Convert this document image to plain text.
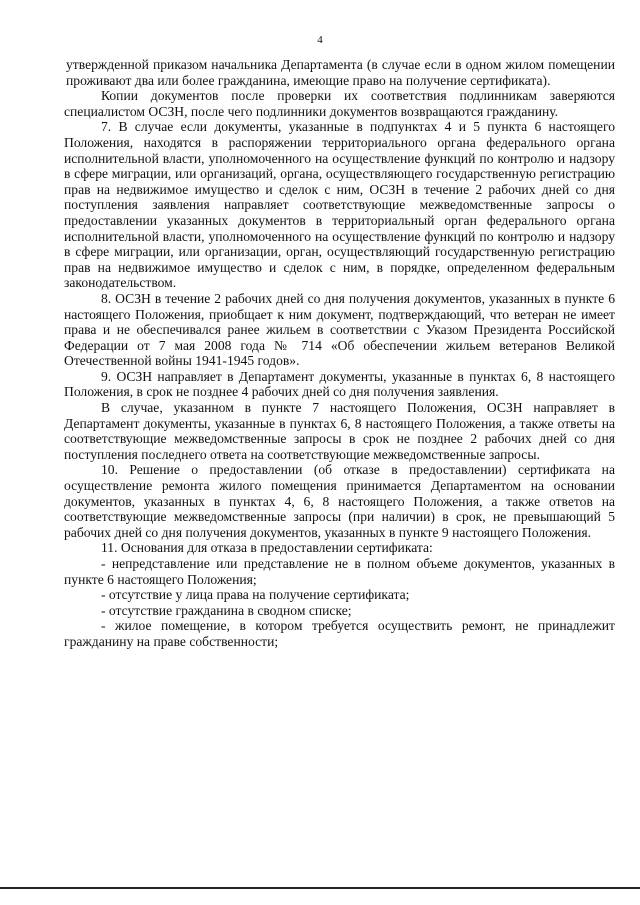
4

утвержденной приказом начальника Департамента (в случае если в одном жилом помещении проживают два или более гражданина, имеющие право на получение сертификата).

Копии документов после проверки их соответствия подлинникам заверяются специалистом ОСЗН, после чего подлинники документов возвращаются гражданину.

7. В случае если документы, указанные в подпунктах 4 и 5 пункта 6 настоящего Положения, находятся в распоряжении территориального органа федерального органа исполнительной власти, уполномоченного на осуществление функций по контролю и надзору в сфере миграции, или организаций, органа, осуществляющего государственную регистрацию прав на недвижимое имущество и сделок с ним, ОСЗН в течение 2 рабочих дней со дня поступления заявления направляет соответствующие межведомственные запросы о предоставлении указанных документов в территориальный орган федерального органа исполнительной власти, уполномоченного на осуществление функций по контролю и надзору в сфере миграции, или организации, орган, осуществляющий государственную регистрацию прав на недвижимое имущество и сделок с ним, в порядке, определенном федеральным законодательством.

8. ОСЗН в течение 2 рабочих дней со дня получения документов, указанных в пункте 6 настоящего Положения, приобщает к ним документ, подтверждающий, что ветеран не имеет права и не обеспечивался ранее жильем в соответствии с Указом Президента Российской Федерации от 7 мая 2008 года № 714 «Об обеспечении жильем ветеранов Великой Отечественной войны 1941-1945 годов».

9. ОСЗН направляет в Департамент документы, указанные в пунктах 6, 8 настоящего Положения, в срок не позднее 4 рабочих дней со дня получения заявления.

В случае, указанном в пункте 7 настоящего Положения, ОСЗН направляет в Департамент документы, указанные в пунктах 6, 8 настоящего Положения, а также ответы на соответствующие межведомственные запросы в срок не позднее 2 рабочих дней со дня поступления последнего ответа на соответствующие межведомственные запросы.

10. Решение о предоставлении (об отказе в предоставлении) сертификата на осуществление ремонта жилого помещения принимается Департаментом на основании документов, указанных в пунктах 4, 6, 8 настоящего Положения, а также ответов на соответствующие межведомственные запросы (при наличии) в срок, не превышающий 5 рабочих дней со дня получения документов, указанных в пункте 9 настоящего Положения.

11. Основания для отказа в предоставлении сертификата:

- непредставление или представление не в полном объеме документов, указанных в пункте 6 настоящего Положения;

- отсутствие у лица права на получение сертификата;

- отсутствие гражданина в сводном списке;

- жилое помещение, в котором требуется осуществить ремонт, не принадлежит гражданину на праве собственности;
